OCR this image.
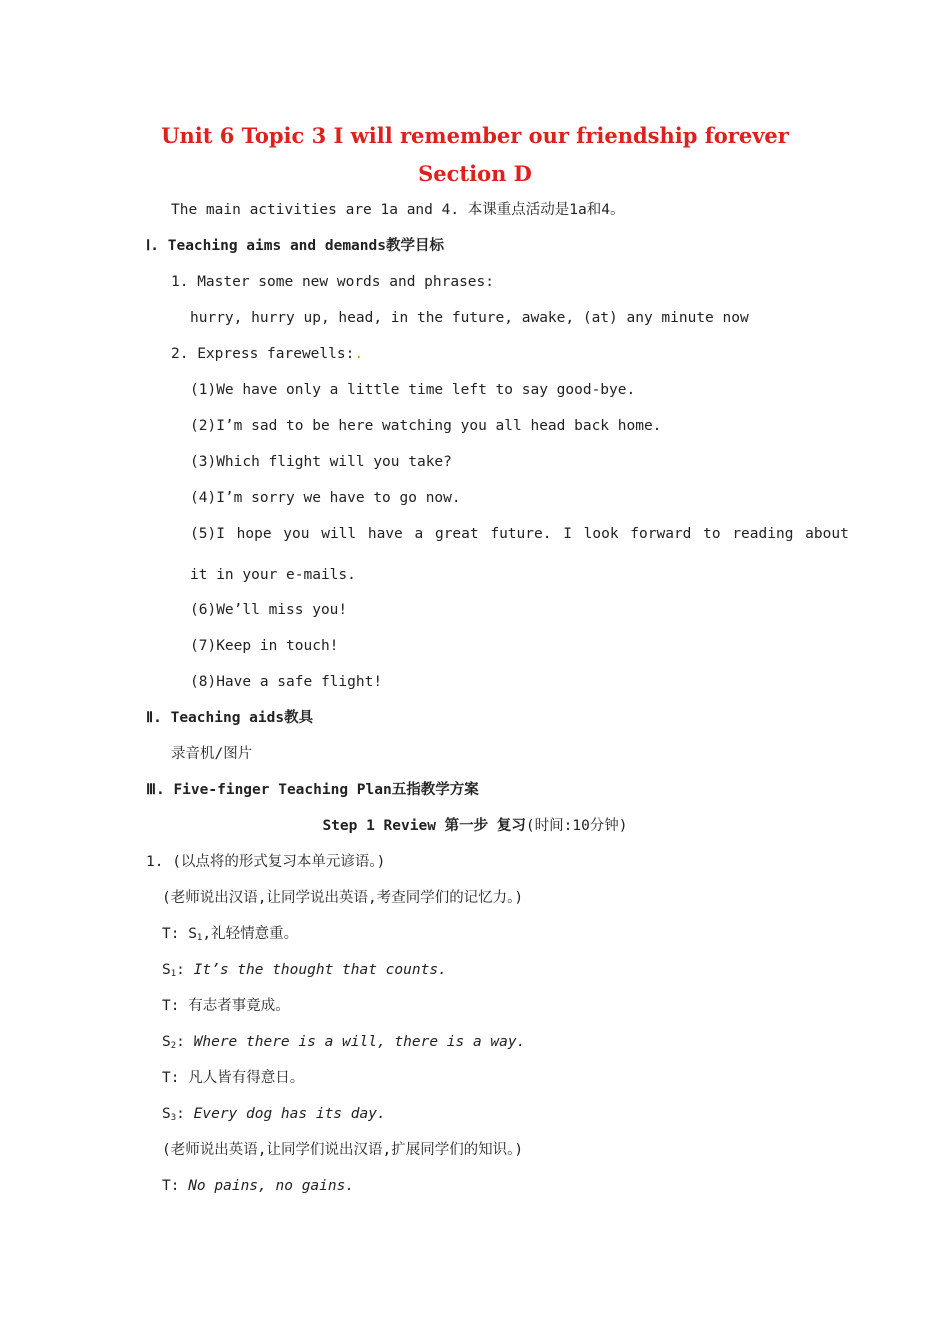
Unit 6 Topic 3 I will remember our friendship forever
Section D
The main activities are 1a and 4. 本课重点活动是1a和4。
Ⅰ. Teaching aims and demands教学目标
1. Master some new words and phrases:
hurry, hurry up, head, in the future, awake, (at) any minute now
2. Express farewells:.
(1)We have only a little time left to say good-bye.
(2)I’m sad to be here watching you all head back home.
(3)Which flight will you take?
(4)I’m sorry we have to go now.
(5)I hope you will have a great future. I look forward to reading about
it in your e-mails.
(6)We’ll miss you!
(7)Keep in touch!
(8)Have a safe flight!
Ⅱ. Teaching aids教具
录音机/图片
Ⅲ. Five-finger Teaching Plan五指教学方案
Step 1 Review 第一步 复习(时间:10分钟)
1. (以点将的形式复习本单元谚语。)
(老师说出汉语,让同学说出英语,考查同学们的记忆力。)
T: $S_1$,礼轻情意重。
$S_1$: It’s the thought that counts.
T: 有志者事竟成。
$S_2$: Where there is a will, there is a way.
T: 凡人皆有得意日。
$S_3$: Every dog has its day.
(老师说出英语,让同学们说出汉语,扩展同学们的知识。)
T: No pains, no gains.
